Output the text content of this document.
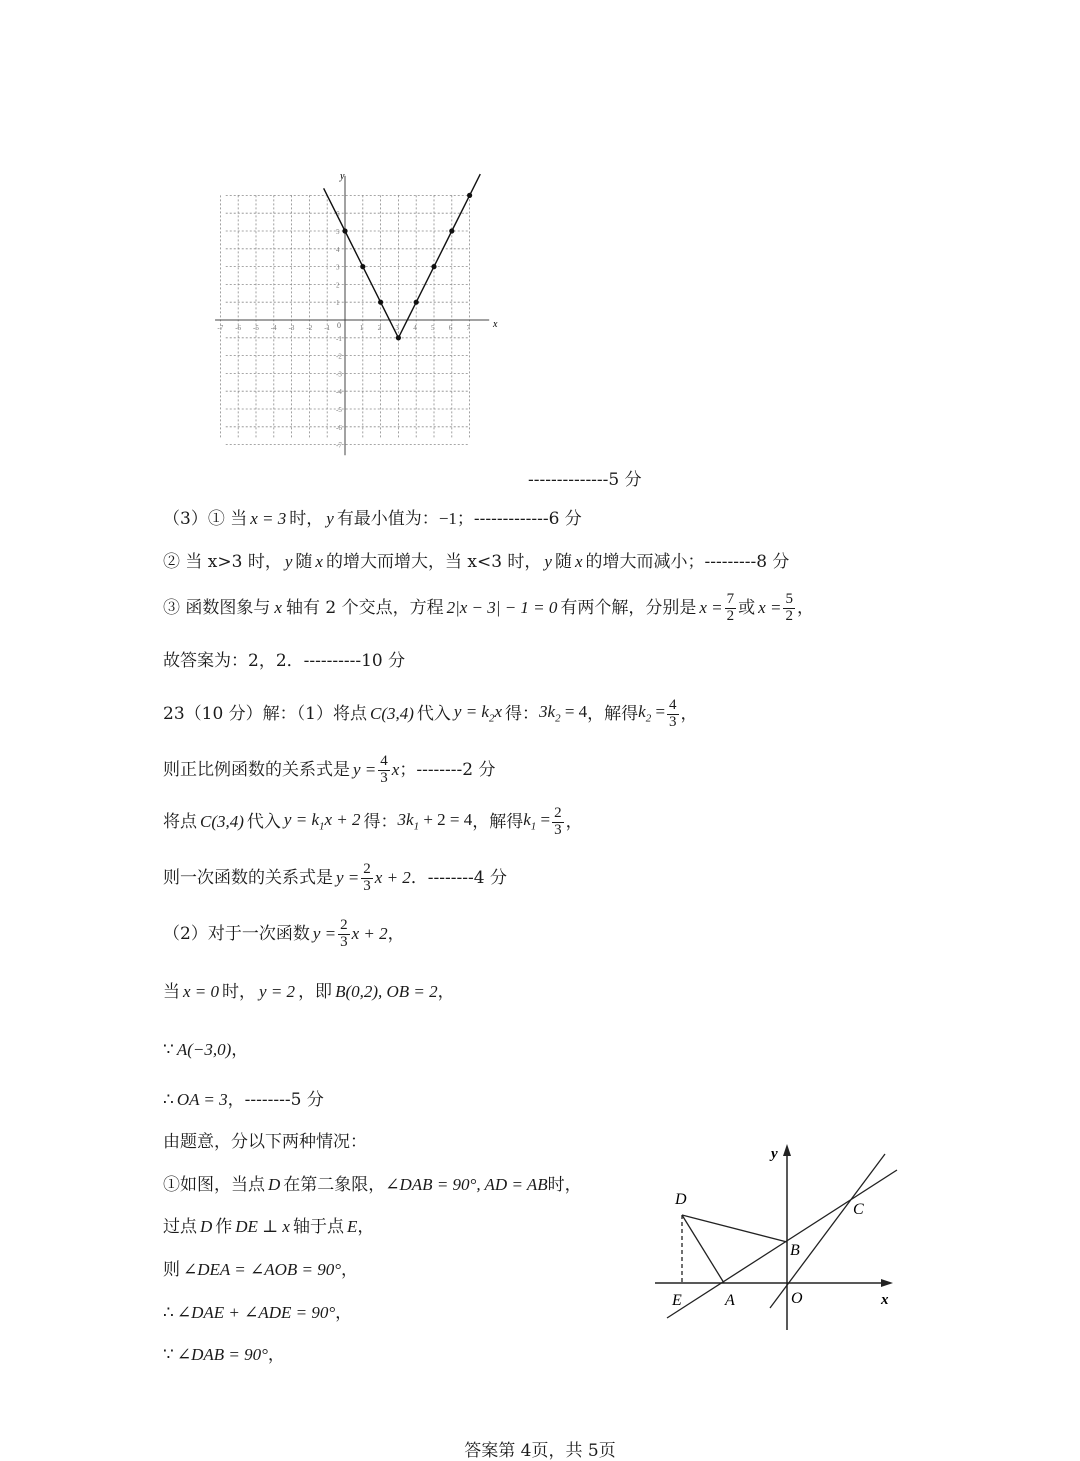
-7 -6 -5 -4 -3 -2 -1	1 2 3 4 5 6 7
6
5
4
3
2
1
-1
-2
-3
-4
-5
-6
-7
x
y
0
--------------5 分
（3）① 当 x = 3 时， y 有最小值为： −1 ；-------------6 分
② 当 x>3 时， y 随 x 的增大而增大，当 x<3 时， y 随 x 的增大而减小；---------8 分
③ 函数图象与 x 轴有 2 个交点，方程 2|x − 3| − 1 = 0 有两个解，分别是 $x = \frac{7}{2}$ 或 $x = \frac{5}{2}$ ，
故答案为：2，2．----------10 分
23（10 分）解：（1）将点 C(3,4) 代入 $y = k_2x$ 得： $3k_2 = 4$ ，解得 $k_2 = \frac{4}{3}$ ，
则正比例函数的关系式是 $y = \frac{4}{3}$ x ；--------2 分
将点 C(3,4) 代入 $y = k_1x + 2$ 得： $3k_1 + 2 = 4$ ，解得 $k_1 = \frac{2}{3}$ ，
则一次函数的关系式是 $y = \frac{2}{3}$ x + 2 ．--------4 分
（2）对于一次函数 $y = \frac{2}{3}$ x + 2 ，
当 x = 0 时， y = 2 ，即 B(0,2), OB = 2 ，
∵ A(−3,0) ，
∴ OA = 3 ，--------5 分
由题意，分以下两种情况：
①如图，当点 D 在第二象限， ∠DAB = 90°, AD = AB 时，
过点 D 作 DE ⊥ x 轴于点 E ，
则 ∠DEA = ∠AOB = 90° ，
∴ ∠DAE + ∠ADE = 90° ，
∵ ∠DAB = 90° ，
y
x
D
C
B
E	A	O
答案第 4页，共 5页
